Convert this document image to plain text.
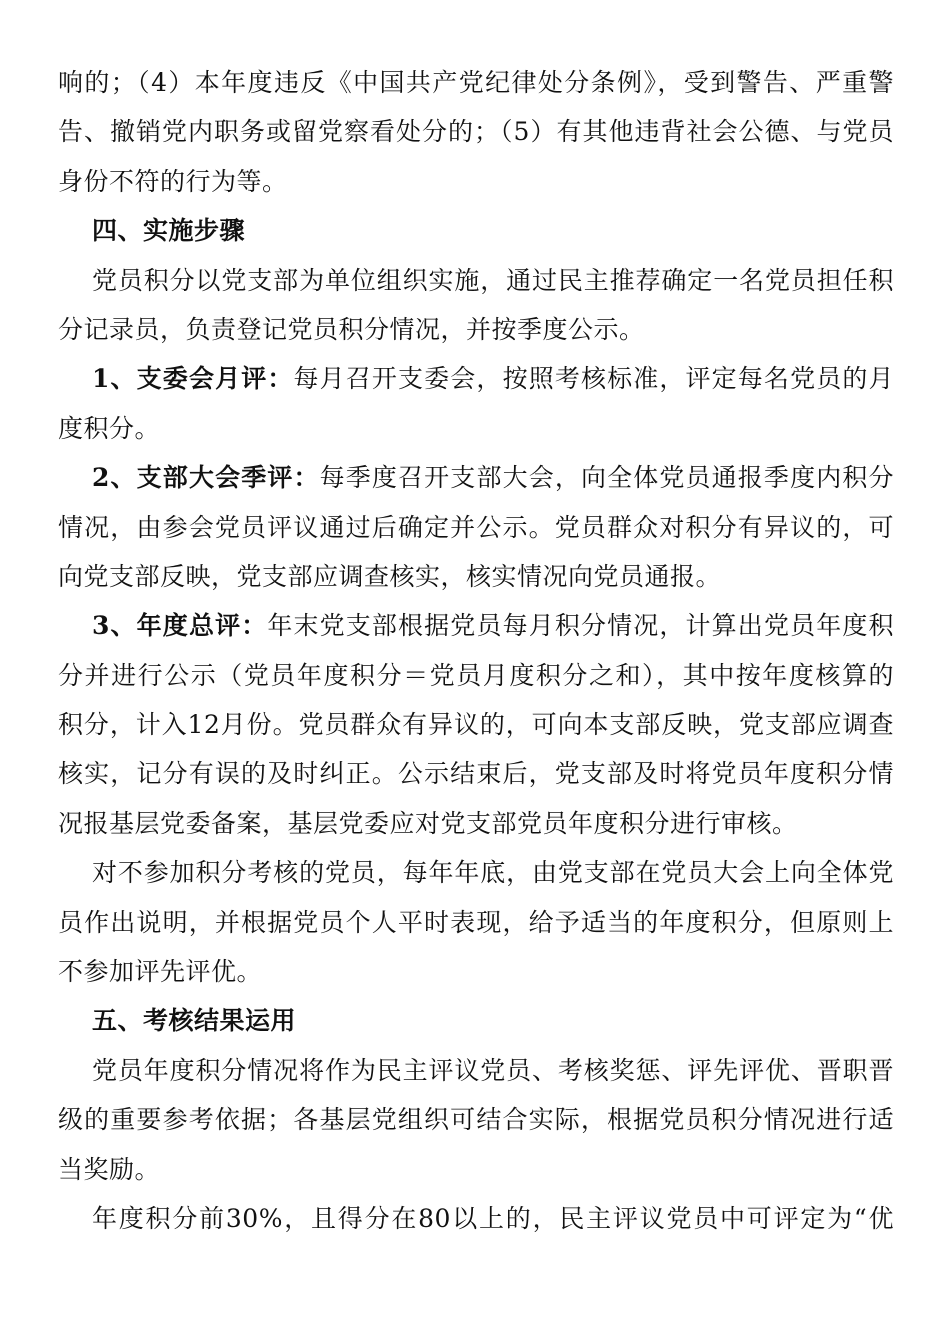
响的；（4）本年度违反《中国共产党纪律处分条例》，受到警告、严重警
告、撤销党内职务或留党察看处分的；（5）有其他违背社会公德、与党员
身份不符的行为等。
四、实施步骤
党员积分以党支部为单位组织实施，通过民主推荐确定一名党员担任积
分记录员，负责登记党员积分情况，并按季度公示。
1、支委会月评：每月召开支委会，按照考核标准，评定每名党员的月
度积分。
2、支部大会季评：每季度召开支部大会，向全体党员通报季度内积分
情况，由参会党员评议通过后确定并公示。党员群众对积分有异议的，可
向党支部反映，党支部应调查核实，核实情况向党员通报。
3、年度总评：年末党支部根据党员每月积分情况，计算出党员年度积
分并进行公示（党员年度积分＝党员月度积分之和），其中按年度核算的
积分，计入12月份。党员群众有异议的，可向本支部反映，党支部应调查
核实，记分有误的及时纠正。公示结束后，党支部及时将党员年度积分情
况报基层党委备案，基层党委应对党支部党员年度积分进行审核。
对不参加积分考核的党员，每年年底，由党支部在党员大会上向全体党
员作出说明，并根据党员个人平时表现，给予适当的年度积分，但原则上
不参加评先评优。
五、考核结果运用
党员年度积分情况将作为民主评议党员、考核奖惩、评先评优、晋职晋
级的重要参考依据；各基层党组织可结合实际，根据党员积分情况进行适
当奖励。
年度积分前30%，且得分在80以上的，民主评议党员中可评定为“优
